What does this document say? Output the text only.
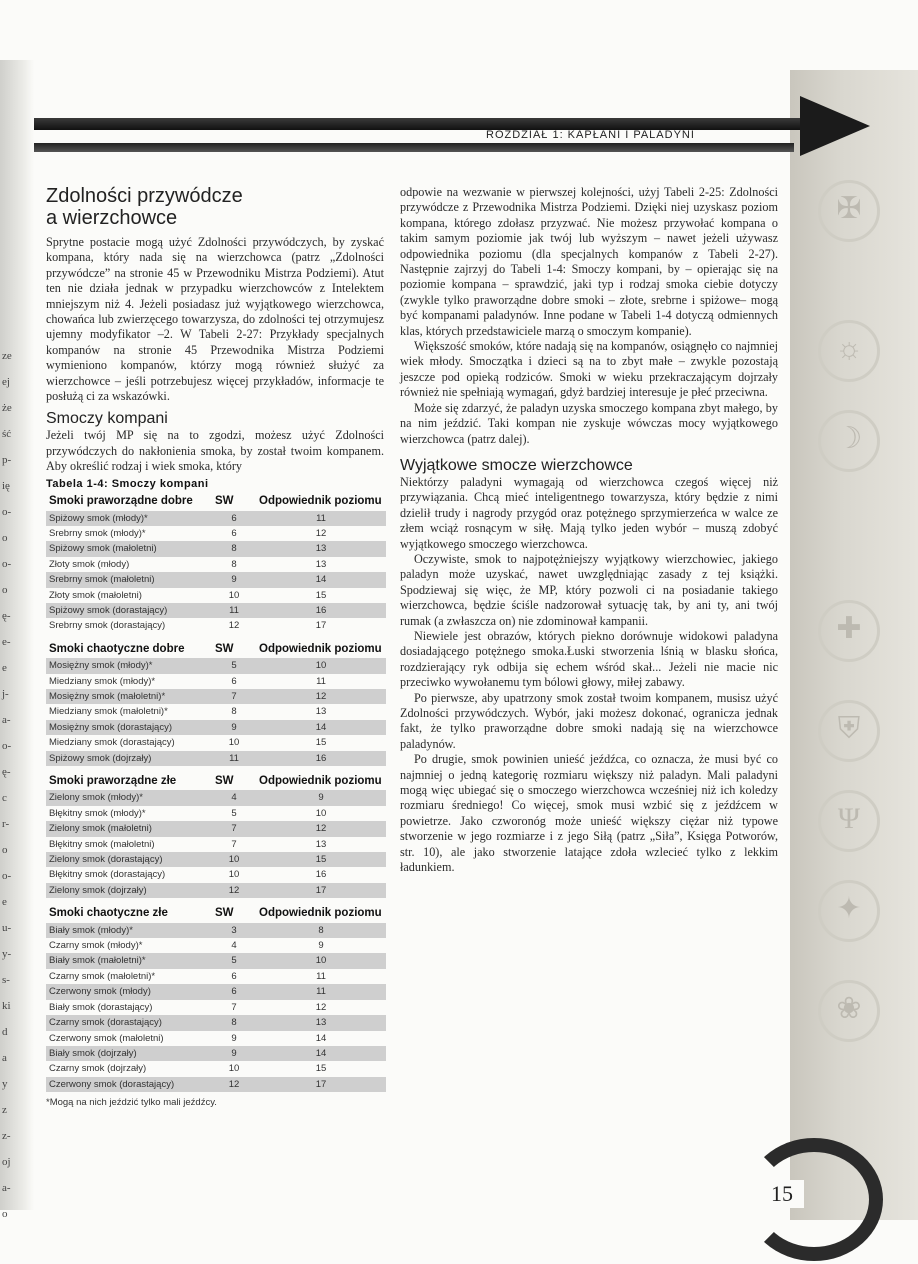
ze
ej
że
ść
p-
ię
o-
o
o-
o
ę-
e-
e
j-
a-
o-
ę-
c
r-
o
o-
e
u-
y-
s-
ki
d
a
y
z
z-
oj
a-
o
✠
☼
☽
✚
⛨
Ψ
✦
❀
ROZDZIAŁ 1: KAPŁANI I PALADYNI
Zdolności przywódcze
a wierzchowce

Sprytne postacie mogą użyć Zdolności przywódczych, by zyskać kompana, który nada się na wierzchowca (patrz „Zdolności przywódcze” na stronie 45 w Przewodniku Mistrza Podziemi). Atut ten nie działa jednak w przypadku wierzchowców z Intelektem mniejszym niż 4. Jeżeli posiadasz już wyjątkowego wierzchowca, chowańca lub zwierzęcego towarzysza, do zdolności tej otrzymujesz ujemny modyfikator –2. W Tabeli 2-27: Przykłady specjalnych kompanów na stronie 45 Przewodnika Mistrza Podziemi wymieniono kompanów, którzy mogą również służyć za wierzchowce – jeśli potrzebujesz więcej przykładów, informacje te posłużą ci za wskazówki.

Smoczy kompani

Jeżeli twój MP się na to zgodzi, możesz użyć Zdolności przywódczych do nakłonienia smoka, by został twoim kompanem. Aby określić rodzaj i wiek smoka, który

Tabela 1-4: Smoczy kompani
Smoki praworządne dobre	SW	Odpowiednik poziomu
Spiżowy smok (młody)*	6	11
Srebrny smok (młody)*	6	12
Spiżowy smok (małoletni)	8	13
Złoty smok (młody)	8	13
Srebrny smok (małoletni)	9	14
Złoty smok (małoletni)	10	15
Spiżowy smok (dorastający)	11	16
Srebrny smok (dorastający)	12	17
Smoki chaotyczne dobre	SW	Odpowiednik poziomu
Mosiężny smok (młody)*	5	10
Miedziany smok (młody)*	6	11
Mosiężny smok (małoletni)*	7	12
Miedziany smok (małoletni)*	8	13
Mosiężny smok (dorastający)	9	14
Miedziany smok (dorastający)	10	15
Spiżowy smok (dojrzały)	11	16
Smoki praworządne złe	SW	Odpowiednik poziomu
Zielony smok (młody)*	4	9
Błękitny smok (młody)*	5	10
Zielony smok (małoletni)	7	12
Błękitny smok (małoletni)	7	13
Zielony smok (dorastający)	10	15
Błękitny smok (dorastający)	10	16
Zielony smok (dojrzały)	12	17
Smoki chaotyczne złe	SW	Odpowiednik poziomu
Biały smok (młody)*	3	8
Czarny smok (młody)*	4	9
Biały smok (małoletni)*	5	10
Czarny smok (małoletni)*	6	11
Czerwony smok (młody)	6	11
Biały smok (dorastający)	7	12
Czarny smok (dorastający)	8	13
Czerwony smok (małoletni)	9	14
Biały smok (dojrzały)	9	14
Czarny smok (dojrzały)	10	15
Czerwony smok (dorastający)	12	17
*Mogą na nich jeździć tylko mali jeźdźcy.

odpowie na wezwanie w pierwszej kolejności, użyj Tabeli 2-25: Zdolności przywódcze z Przewodnika Mistrza Podziemi. Dzięki niej uzyskasz poziom kompana, którego zdołasz przyzwać. Nie możesz przywołać kompana o takim samym poziomie jak twój lub wyższym – nawet jeżeli używasz odpowiednika poziomu (dla specjalnych kompanów z Tabeli 2-27). Następnie zajrzyj do Tabeli 1-4: Smoczy kompani, by – opierając się na poziomie kompana – sprawdzić, jaki typ i rodzaj smoka ciebie dotyczy (zwykle tylko praworządne dobre smoki – złote, srebrne i spiżowe– mogą być kompanami paladynów. Inne podane w Tabeli 1-4 dotyczą odmiennych klas, których przedstawiciele marzą o smoczym kompanie).

Większość smoków, które nadają się na kompanów, osiągnęło co najmniej wiek młody. Smoczątka i dzieci są na to zbyt małe – zwykle pozostają jeszcze pod opieką rodziców. Smoki w wieku przekraczającym dojrzały również nie spełniają wymagań, gdyż bardziej interesuje je płeć przeciwna.

Może się zdarzyć, że paladyn uzyska smoczego kompana zbyt małego, by na nim jeździć. Taki kompan nie zyskuje wówczas mocy wyjątkowego wierzchowca (patrz dalej).

Wyjątkowe smocze wierzchowce

Niektórzy paladyni wymagają od wierzchowca czegoś więcej niż przywiązania. Chcą mieć inteligentnego towarzysza, który będzie z nimi dzielił trudy i nagrody przygód oraz potężnego sprzymierzeńca w walce ze złem wciąż rosnącym w siłę. Mają tylko jeden wybór – muszą zdobyć wyjątkowego smoczego wierzchowca.

Oczywiste, smok to najpotężniejszy wyjątkowy wierzchowiec, jakiego paladyn może uzyskać, nawet uwzględniając zasady z tej książki. Spodziewaj się więc, że MP, który pozwoli ci na posiadanie takiego wierzchowca, będzie ściśle nadzorował sytuację tak, by ani ty, ani twój rumak (a zwłaszcza on) nie zdominował kampanii.

Niewiele jest obrazów, których piekno dorównuje widokowi paladyna dosiadającego potężnego smoka.Łuski stworzenia lśnią w blasku słońca, rozdzierający ryk odbija się echem wśród skał... Jeżeli nie macie nic przeciwko wywołanemu tym bólowi głowy, miłej zabawy.

Po pierwsze, aby upatrzony smok został twoim kompanem, musisz użyć Zdolności przywódczych. Wybór, jaki możesz dokonać, ogranicza jednak fakt, że tylko praworządne dobre smoki nadają się na wierzchowce paladynów.

Po drugie, smok powinien unieść jeźdźca, co oznacza, że musi być co najmniej o jedną kategorię rozmiaru większy niż paladyn. Mali paladyni mogą więc ubiegać się o smoczego wierzchowca wcześniej niż ich koledzy rozmiaru średniego! Co więcej, smok musi wzbić się z jeźdźcem w powietrze. Jako czworonóg może unieść większy ciężar niż typowe stworzenie w jego rozmiarze i z jego Siłą (patrz „Siła”, Księga Potworów, str. 10), ale jako stworzenie latające zdoła wzlecieć tylko z lekkim ładunkiem.

15
